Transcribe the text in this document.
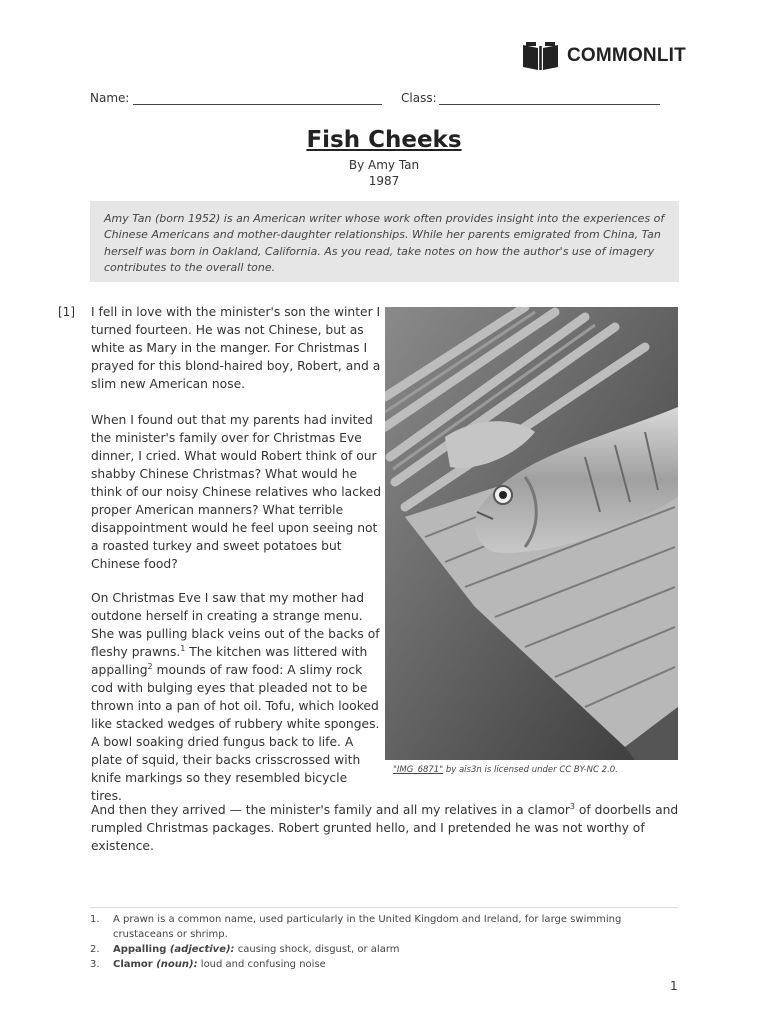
COMMONLIT
Name:	Class:
Fish Cheeks
By Amy Tan
1987
Amy Tan (born 1952) is an American writer whose work often provides insight into the experiences of Chinese Americans and mother-daughter relationships. While her parents emigrated from China, Tan herself was born in Oakland, California. As you read, take notes on how the author's use of imagery contributes to the overall tone.
[1] I fell in love with the minister's son the winter I turned fourteen. He was not Chinese, but as white as Mary in the manger. For Christmas I prayed for this blond-haired boy, Robert, and a slim new American nose.

When I found out that my parents had invited the minister's family over for Christmas Eve dinner, I cried. What would Robert think of our shabby Chinese Christmas? What would he think of our noisy Chinese relatives who lacked proper American manners? What terrible disappointment would he feel upon seeing not a roasted turkey and sweet potatoes but Chinese food?

On Christmas Eve I saw that my mother had outdone herself in creating a strange menu. She was pulling black veins out of the backs of fleshy prawns.$^1$ The kitchen was littered with appalling$^2$ mounds of raw food: A slimy rock cod with bulging eyes that pleaded not to be thrown into a pan of hot oil. Tofu, which looked like stacked wedges of rubbery white sponges. A bowl soaking dried fungus back to life. A plate of squid, their backs crisscrossed with knife markings so they resembled bicycle tires.

"IMG_6871" by ais3n is licensed under CC BY-NC 2.0.
And then they arrived — the minister's family and all my relatives in a clamor$^3$ of doorbells and rumpled Christmas packages. Robert grunted hello, and I pretended he was not worthy of existence.
1.	A prawn is a common name, used particularly in the United Kingdom and Ireland, for large swimming crustaceans or shrimp.
2.	Appalling (adjective): causing shock, disgust, or alarm
3.	Clamor (noun): loud and confusing noise
1
